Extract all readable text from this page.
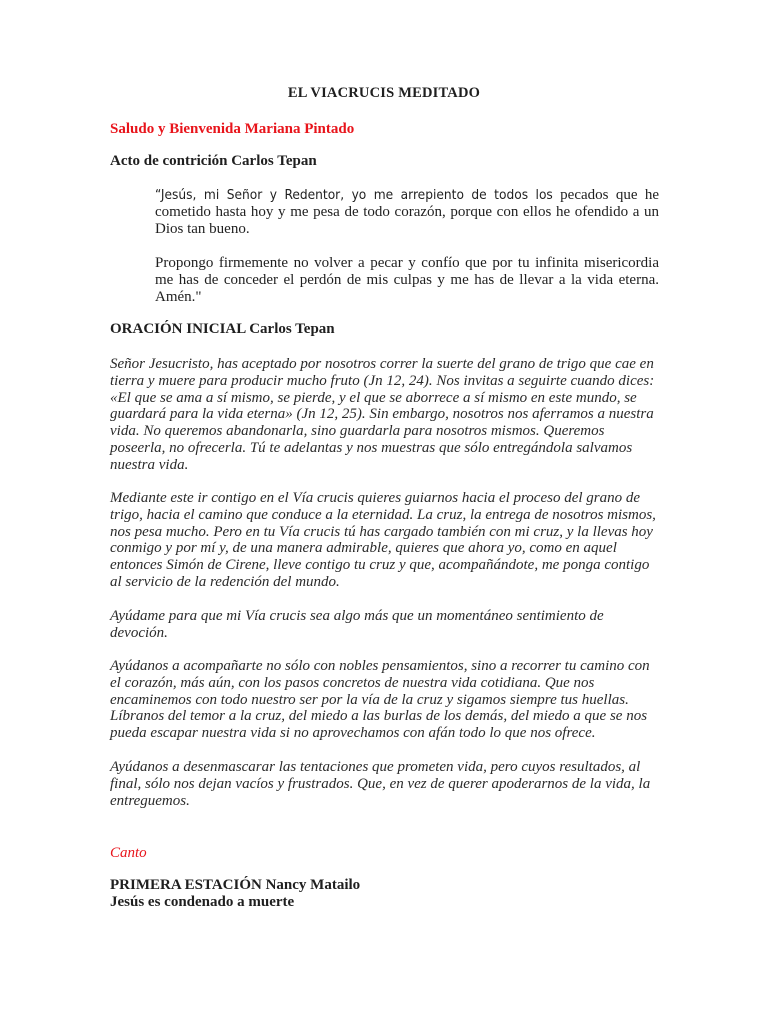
EL VIACRUCIS MEDITADO
Saludo y Bienvenida Mariana Pintado
Acto de contrición Carlos Tepan
“Jesús, mi Señor y Redentor, yo me arrepiento de todos los pecados que he cometido hasta hoy y me pesa de todo corazón, porque con ellos he ofendido a un Dios tan bueno.
Propongo firmemente no volver a pecar y confío que por tu infinita misericordia me has de conceder el perdón de mis culpas y me has de llevar a la vida eterna. Amén."
ORACIÓN INICIAL Carlos Tepan
Señor Jesucristo, has aceptado por nosotros correr la suerte del grano de trigo que cae en tierra y muere para producir mucho fruto (Jn 12, 24). Nos invitas a seguirte cuando dices: «El que se ama a sí mismo, se pierde, y el que se aborrece a sí mismo en este mundo, se guardará para la vida eterna» (Jn 12, 25). Sin embargo, nosotros nos aferramos a nuestra vida. No queremos abandonarla, sino guardarla para nosotros mismos. Queremos poseerla, no ofrecerla. Tú te adelantas y nos muestras que sólo entregándola salvamos nuestra vida.
Mediante este ir contigo en el Vía crucis quieres guiarnos hacia el proceso del grano de trigo, hacia el camino que conduce a la eternidad. La cruz, la entrega de nosotros mismos, nos pesa mucho. Pero en tu Vía crucis tú has cargado también con mi cruz, y la llevas hoy conmigo y por mí y, de una manera admirable, quieres que ahora yo, como en aquel entonces Simón de Cirene, lleve contigo tu cruz y que, acompañándote, me ponga contigo al servicio de la redención del mundo.
Ayúdame para que mi Vía crucis sea algo más que un momentáneo sentimiento de devoción.
Ayúdanos a acompañarte no sólo con nobles pensamientos, sino a recorrer tu camino con el corazón, más aún, con los pasos concretos de nuestra vida cotidiana. Que nos encaminemos con todo nuestro ser por la vía de la cruz y sigamos siempre tus huellas. Líbranos del temor a la cruz, del miedo a las burlas de los demás, del miedo a que se nos pueda escapar nuestra vida si no aprovechamos con afán todo lo que nos ofrece.
Ayúdanos a desenmascarar las tentaciones que prometen vida, pero cuyos resultados, al final, sólo nos dejan vacíos y frustrados. Que, en vez de querer apoderarnos de la vida, la entreguemos.
Canto
PRIMERA ESTACIÓN Nancy Matailo
Jesús es condenado a muerte
